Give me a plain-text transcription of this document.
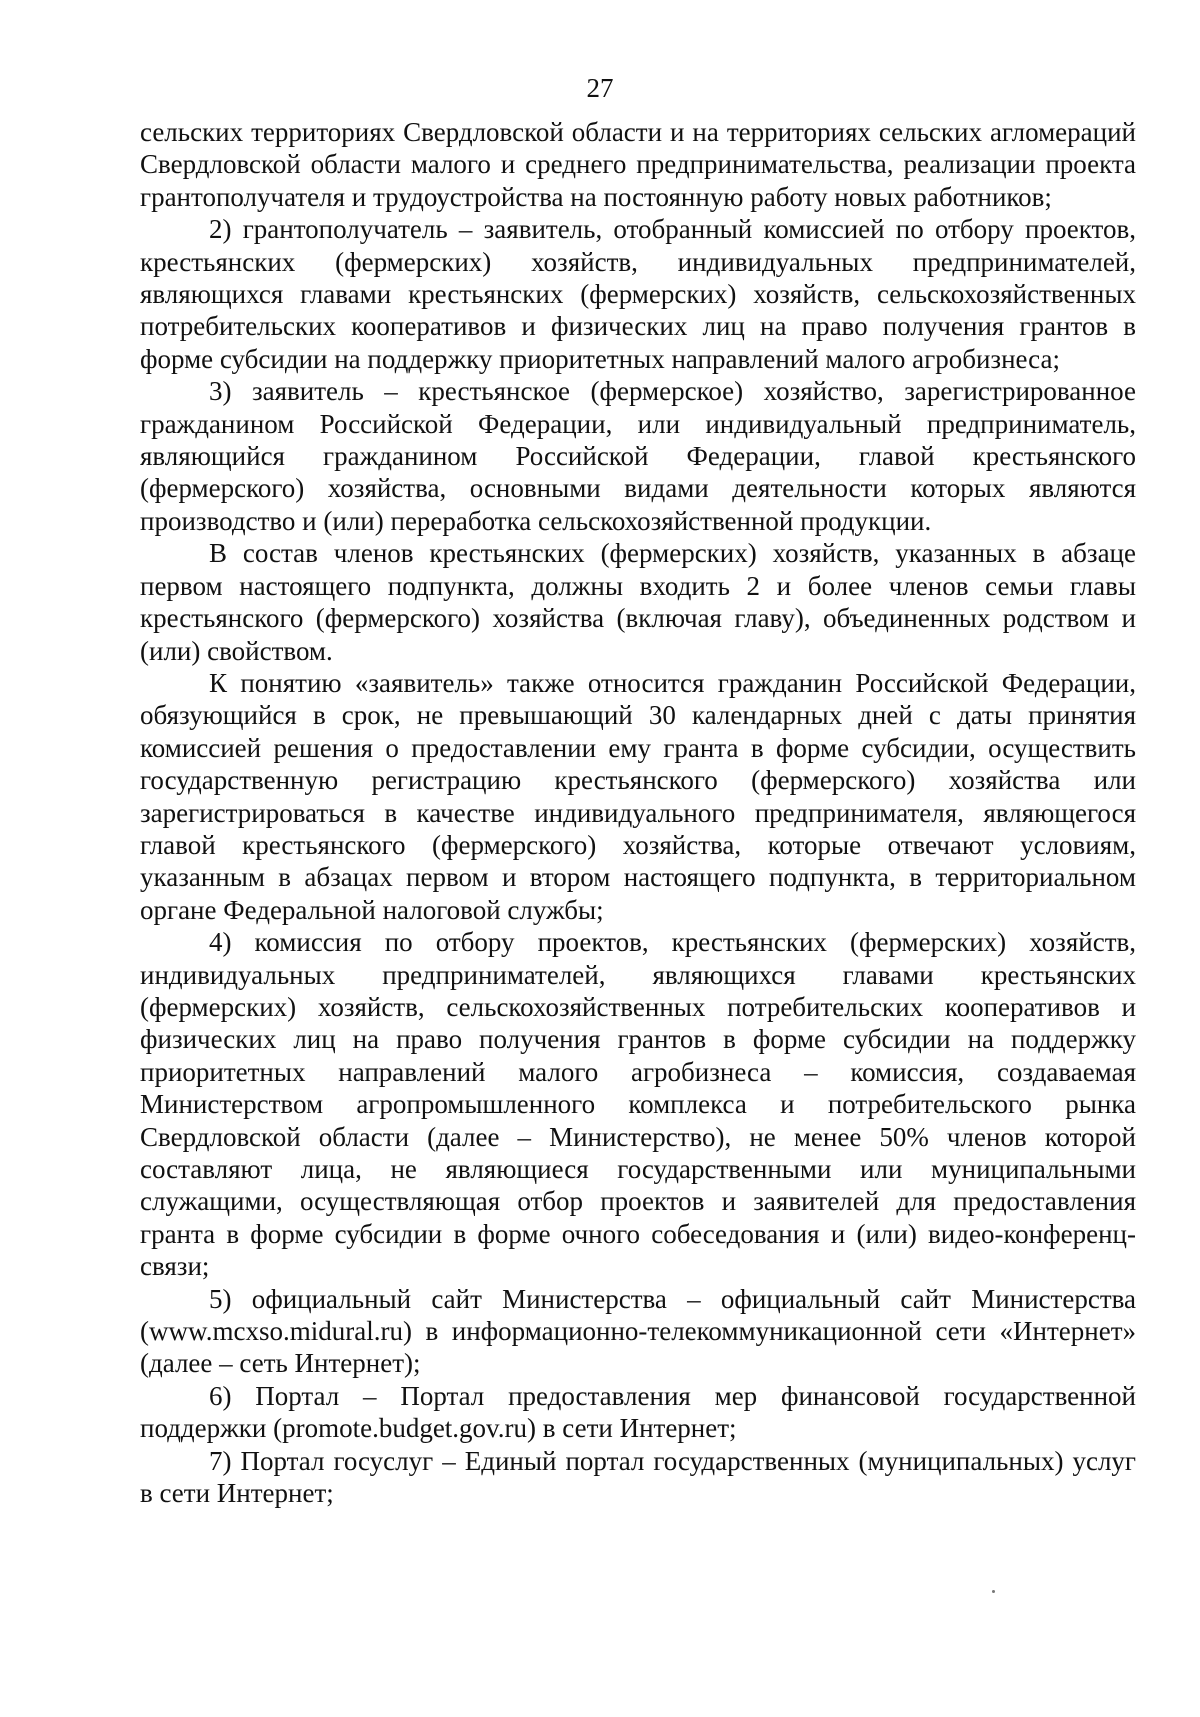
27

сельских территориях Свердловской области и на территориях сельских агломераций Свердловской области малого и среднего предпринимательства, реализации проекта грантополучателя и трудоустройства на постоянную работу новых работников;

2) грантополучатель – заявитель, отобранный комиссией по отбору проектов, крестьянских (фермерских) хозяйств, индивидуальных предпринимателей, являющихся главами крестьянских (фермерских) хозяйств, сельскохозяйственных потребительских кооперативов и физических лиц на право получения грантов в форме субсидии на поддержку приоритетных направлений малого агробизнеса;

3) заявитель – крестьянское (фермерское) хозяйство, зарегистрированное гражданином Российской Федерации, или индивидуальный предприниматель, являющийся гражданином Российской Федерации, главой крестьянского (фермерского) хозяйства, основными видами деятельности которых являются производство и (или) переработка сельскохозяйственной продукции.

В состав членов крестьянских (фермерских) хозяйств, указанных в абзаце первом настоящего подпункта, должны входить 2 и более членов семьи главы крестьянского (фермерского) хозяйства (включая главу), объединенных родством и (или) свойством.

К понятию «заявитель» также относится гражданин Российской Федерации, обязующийся в срок, не превышающий 30 календарных дней с даты принятия комиссией решения о предоставлении ему гранта в форме субсидии, осуществить государственную регистрацию крестьянского (фермерского) хозяйства или зарегистрироваться в качестве индивидуального предпринимателя, являющегося главой крестьянского (фермерского) хозяйства, которые отвечают условиям, указанным в абзацах первом и втором настоящего подпункта, в территориальном органе Федеральной налоговой службы;

4) комиссия по отбору проектов, крестьянских (фермерских) хозяйств, индивидуальных предпринимателей, являющихся главами крестьянских (фермерских) хозяйств, сельскохозяйственных потребительских кооперативов и физических лиц на право получения грантов в форме субсидии на поддержку приоритетных направлений малого агробизнеса – комиссия, создаваемая Министерством агропромышленного комплекса и потребительского рынка Свердловской области (далее – Министерство), не менее 50% членов которой составляют лица, не являющиеся государственными или муниципальными служащими, осуществляющая отбор проектов и заявителей для предоставления гранта в форме субсидии в форме очного собеседования и (или) видео-конференц-связи;

5) официальный сайт Министерства – официальный сайт Министерства (www.mcxso.midural.ru) в информационно-телекоммуникационной сети «Интернет» (далее – сеть Интернет);

6) Портал – Портал предоставления мер финансовой государственной поддержки (promote.budget.gov.ru) в сети Интернет;

7) Портал госуслуг – Единый портал государственных (муниципальных) услуг в сети Интернет;
